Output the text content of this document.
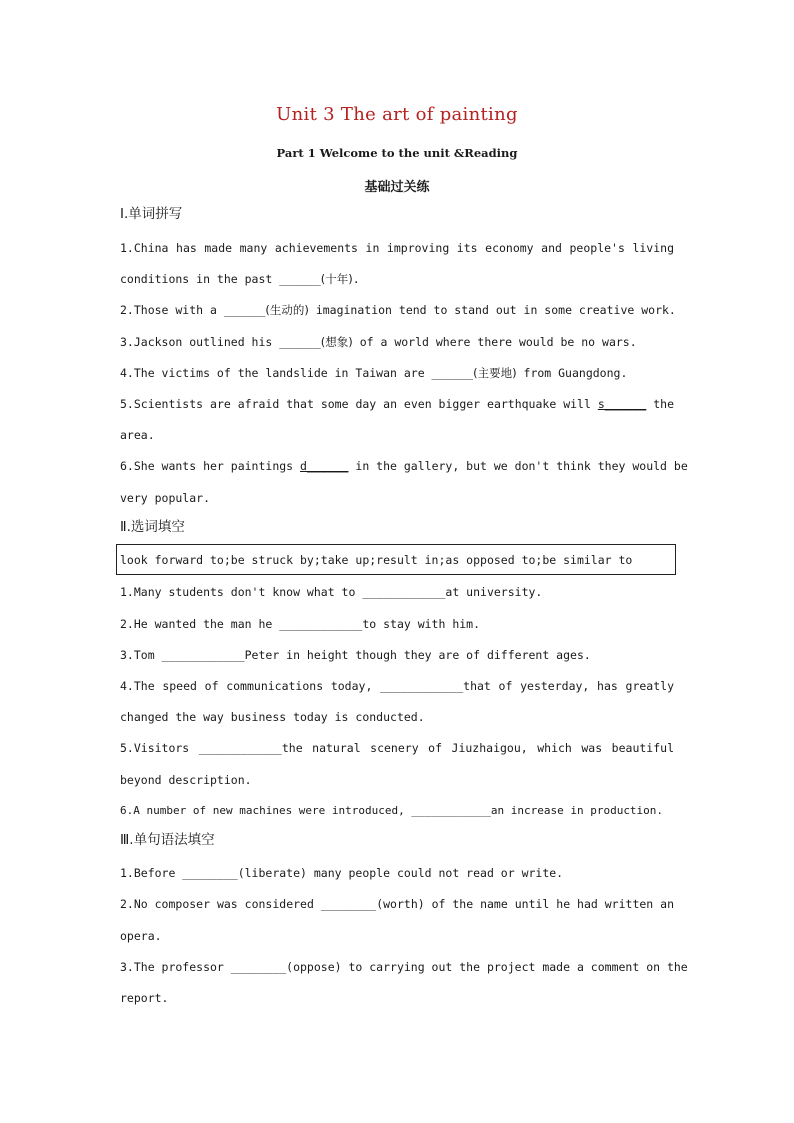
Unit 3 The art of painting
Part 1 Welcome to the unit &Reading
基础过关练
Ⅰ.单词拼写
1.China has made many achievements in improving its economy and people's living
conditions in the past ______(十年).
2.Those with a ______(生动的) imagination tend to stand out in some creative work.
3.Jackson outlined his ______(想象) of a world where there would be no wars.
4.The victims of the landslide in Taiwan are ______(主要地) from Guangdong.
5.Scientists are afraid that some day an even bigger earthquake will s______ the
area.
6.She wants her paintings d______ in the gallery, but we don't think they would be
very popular.
Ⅱ.选词填空
look forward to;be struck by;take up;result in;as opposed to;be similar to
1.Many students don't know what to ____________at university.
2.He wanted the man he ____________to stay with him.
3.Tom ____________Peter in height though they are of different ages.
4.The speed of communications today, ____________that of yesterday, has greatly
changed the way business today is conducted.
5.Visitors ____________the natural scenery of Jiuzhaigou, which was beautiful
beyond description.
6.A number of new machines were introduced, ____________an increase in production.
Ⅲ.单句语法填空
1.Before ________(liberate) many people could not read or write.
2.No composer was considered ________(worth) of the name until he had written an
opera.
3.The professor ________(oppose) to carrying out the project made a comment on the
report.
